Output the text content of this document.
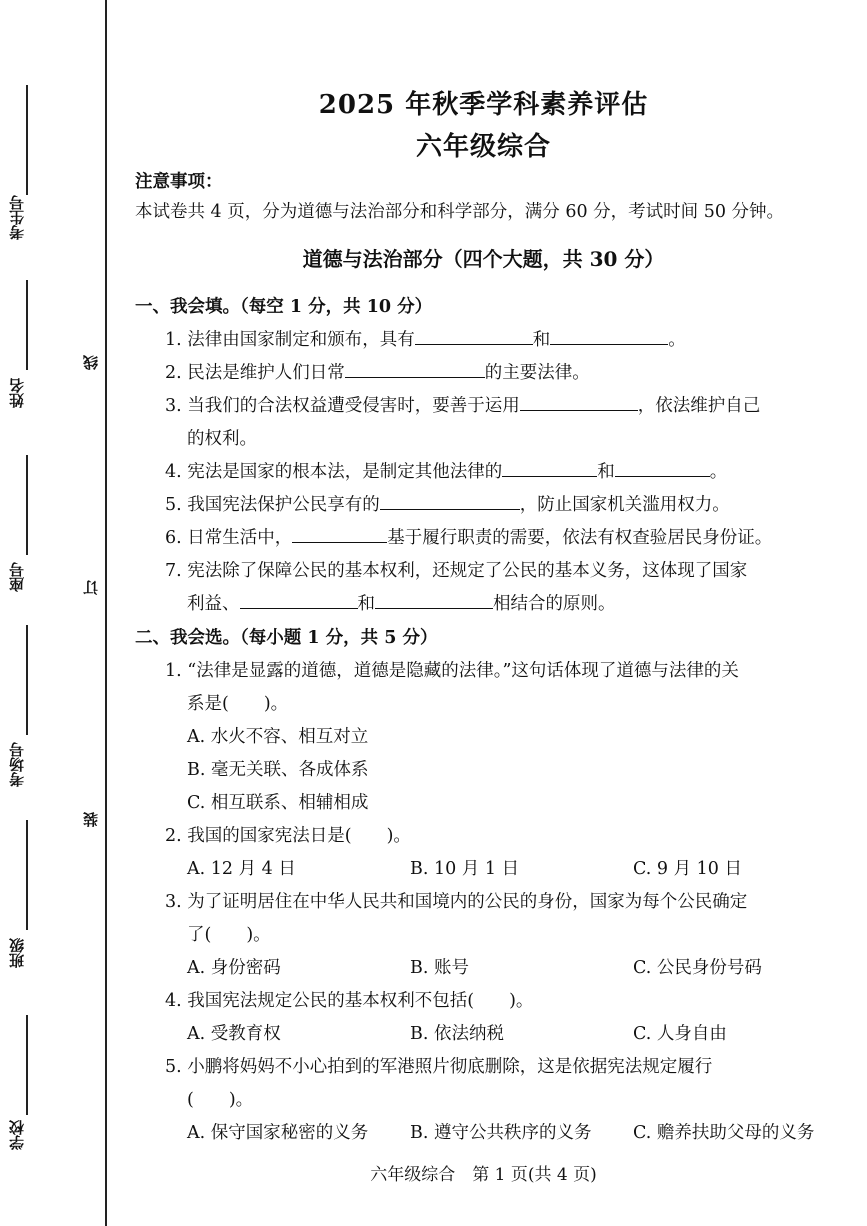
考生号
姓名
座号
考场号
班级
学校
线
订
装
2025 年秋季学科素养评估
六年级综合
注意事项：
本试卷共 4 页，分为道德与法治部分和科学部分，满分 60 分，考试时间 50 分钟。
道德与法治部分（四个大题，共 30 分）
一、我会填。（每空 1 分，共 10 分）
1. 法律由国家制定和颁布，具有	和	。
2. 民法是维护人们日常	的主要法律。
3. 当我们的合法权益遭受侵害时，要善于运用	，依法维护自己
的权利。
4. 宪法是国家的根本法，是制定其他法律的	和	。
5. 我国宪法保护公民享有的	，防止国家机关滥用权力。
6. 日常生活中，	基于履行职责的需要，依法有权查验居民身份证。
7. 宪法除了保障公民的基本权利，还规定了公民的基本义务，这体现了国家
利益、	和	相结合的原则。
二、我会选。（每小题 1 分，共 5 分）
1. “法律是显露的道德，道德是隐藏的法律。”这句话体现了道德与法律的关
系是(　　)。
A. 水火不容、相互对立
B. 毫无关联、各成体系
C. 相互联系、相辅相成
2. 我国的国家宪法日是(　　)。
A. 12 月 4 日	B. 10 月 1 日	C. 9 月 10 日
3. 为了证明居住在中华人民共和国境内的公民的身份，国家为每个公民确定
了(　　)。
A. 身份密码	B. 账号	C. 公民身份号码
4. 我国宪法规定公民的基本权利不包括(　　)。
A. 受教育权	B. 依法纳税	C. 人身自由
5. 小鹏将妈妈不小心拍到的军港照片彻底删除，这是依据宪法规定履行
(　　)。
A. 保守国家秘密的义务 B. 遵守公共秩序的义务 C. 赡养扶助父母的义务
六年级综合　第 1 页(共 4 页)
